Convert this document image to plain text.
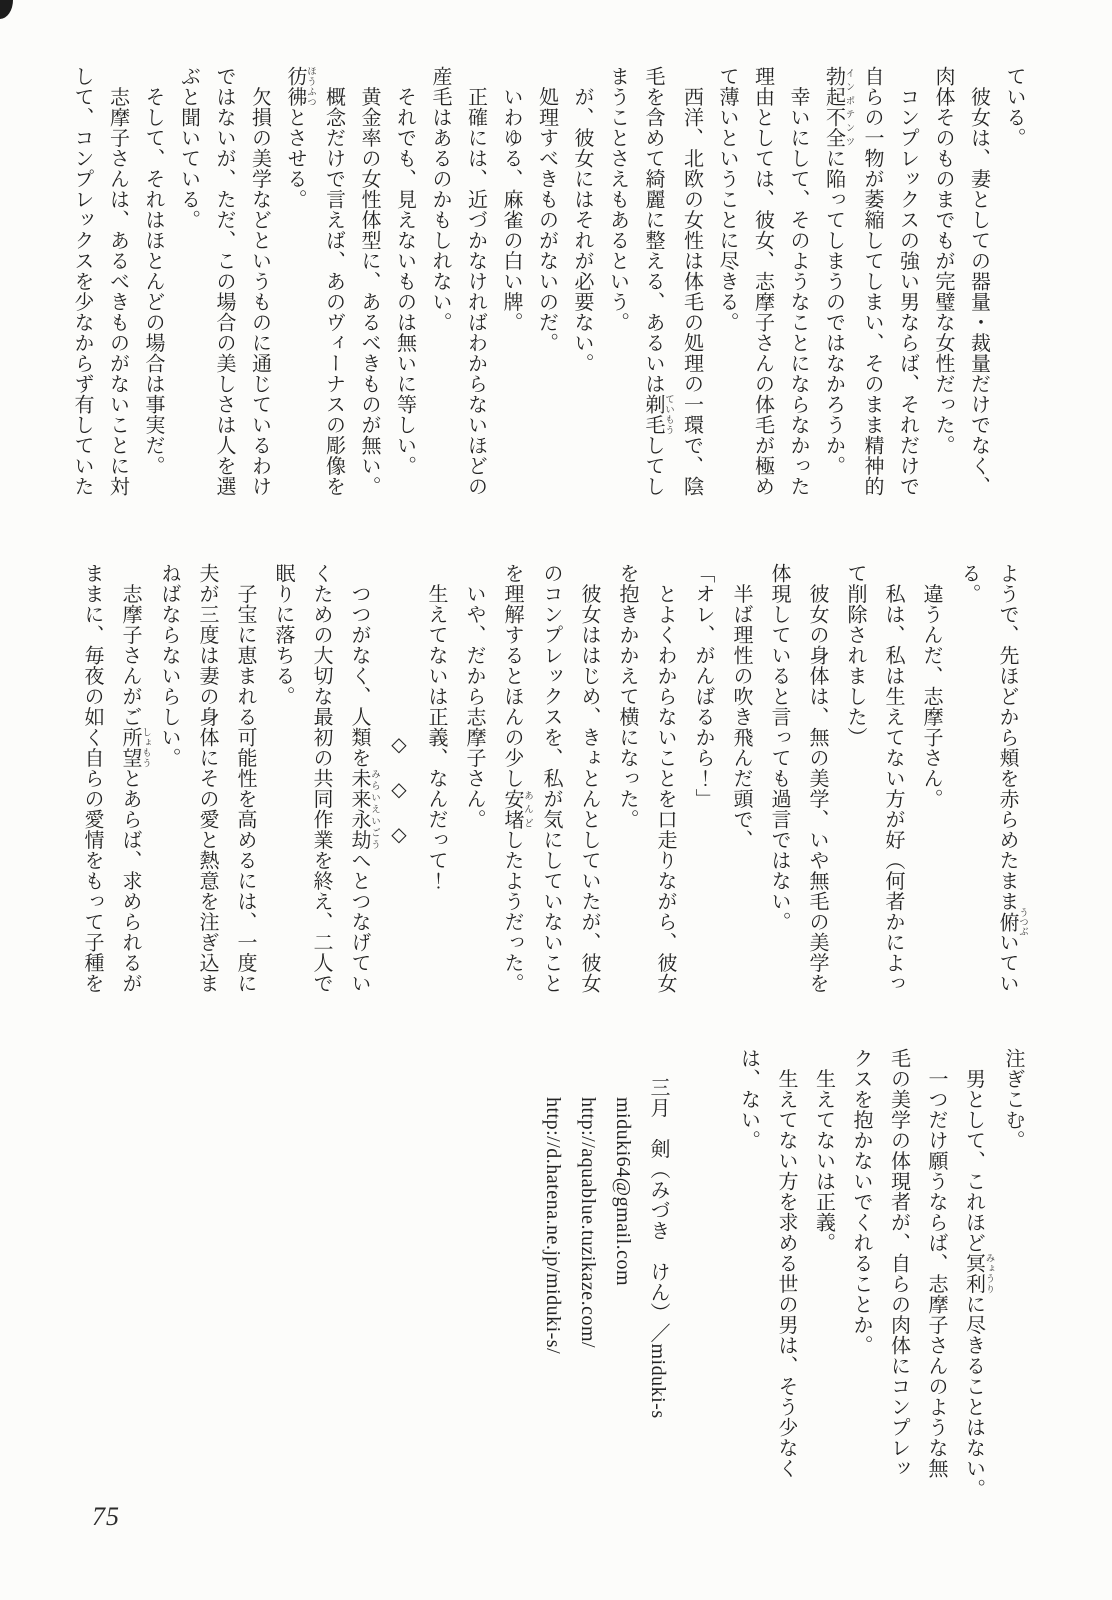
ている。

　彼女は、妻としての器量・裁量だけでなく、

肉体そのものまでもが完璧な女性だった。

　コンプレックスの強い男ならば、それだけで

自らの一物が萎縮してしまい、そのまま精神的

勃起不全 インポテンツに陥ってしまうのではなかろうか。

　幸いにして、そのようなことにならなかった

理由としては、彼女、志摩子さんの体毛が極め

て薄いということに尽きる。

　西洋、北欧の女性は体毛の処理の一環で、陰

毛を含めて綺麗に整える、あるいは剃毛 ていもうしてし

まうことさえもあるという。

　が、彼女にはそれが必要ない。

　処理すべきものがないのだ。

　いわゆる、麻雀の白い牌。

　正確には、近づかなければわからないほどの

産毛はあるのかもしれない。

　それでも、見えないものは無いに等しい。

　黄金率の女性体型に、あるべきものが無い。

　概念だけで言えば、あのヴィーナスの彫像を

彷彿 ほうふつとさせる。

　欠損の美学などというものに通じているわけ

ではないが、ただ、この場合の美しさは人を選

ぶと聞いている。

　そして、それはほとんどの場合は事実だ。

　志摩子さんは、あるべきものがないことに対

して、コンプレックスを少なからず有していた

ようで、先ほどから頬を赤らめたまま俯 うつぶいてい

る。

　違うんだ、志摩子さん。

　私は、私は生えてない方が好（何者かによっ

て削除されました）

　彼女の身体は、無の美学、いや無毛の美学を

体現していると言っても過言ではない。

　半ば理性の吹き飛んだ頭で、

「オレ、がんばるから！」

　とよくわからないことを口走りながら、彼女

を抱きかかえて横になった。

　彼女ははじめ、きょとんとしていたが、彼女

のコンプレックスを、私が気にしていないこと

を理解するとほんの少し安堵 あんどしたようだった。

　いや、だから志摩子さん。

　生えてないは正義、なんだって！

◇　◇　◇

　つつがなく、人類を未来永劫 みらいえいごうへとつなげてい

くための大切な最初の共同作業を終え、二人で

眠りに落ちる。

　子宝に恵まれる可能性を高めるには、一度に

夫が三度は妻の身体にその愛と熱意を注ぎ込ま

ねばならないらしい。

　志摩子さんがご所望 しょもうとあらば、求められるが

ままに、毎夜の如く自らの愛情をもって子種を

注ぎこむ。

　男として、これほど冥利 みょうりに尽きることはない。

　一つだけ願うならば、志摩子さんのような無

毛の美学の体現者が、自らの肉体にコンプレッ

クスを抱かないでくれることか。

　生えてないは正義。

　生えてない方を求める世の男は、そう少なく

は、ない。

三月　剣（みづき　けん）／miduki-s

miduki64@gmail.com

http://aquablue.tuzikaze.com/

http://d.hatena.ne.jp/miduki-s/

75
